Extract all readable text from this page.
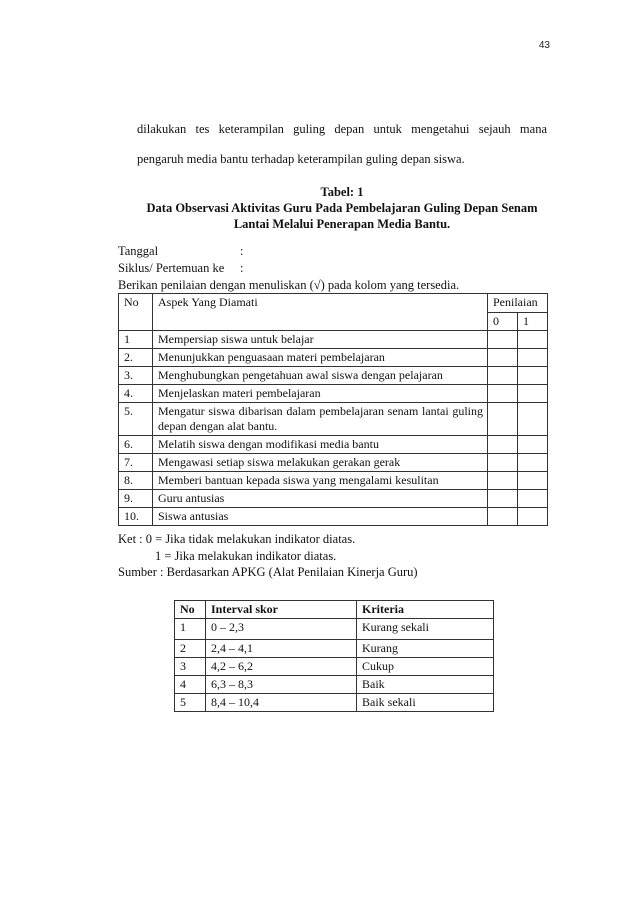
43
dilakukan tes keterampilan guling depan untuk mengetahui sejauh mana
pengaruh media bantu terhadap keterampilan guling depan siswa.
Tabel: 1
Data Observasi Aktivitas Guru Pada Pembelajaran Guling Depan Senam
Lantai Melalui Penerapan Media Bantu.
Tanggal	:
Siklus/ Pertemuan ke :
Berikan penilaian dengan menuliskan (√) pada kolom yang tersedia.
No	Aspek Yang Diamati	Penilaian	
		0	1
1	Mempersiap siswa untuk belajar		
2.	Menunjukkan penguasaan materi pembelajaran		
3.	Menghubungkan pengetahuan awal siswa dengan pelajaran		
4.	Menjelaskan materi pembelajaran		
5.	Mengatur siswa dibarisan dalam pembelajaran senam lantai guling depan dengan alat bantu.		
6.	Melatih siswa dengan modifikasi media bantu		
7.	Mengawasi setiap siswa melakukan gerakan gerak		
8.	Memberi bantuan kepada siswa yang mengalami kesulitan		
9.	Guru antusias		
10.	Siswa antusias		
Ket : 0 = Jika tidak melakukan indikator diatas.
1 = Jika melakukan indikator diatas.
Sumber : Berdasarkan APKG (Alat Penilaian Kinerja Guru)
No	Interval skor	Kriteria
1	0 – 2,3	Kurang sekali
2	2,4 – 4,1	Kurang
3	4,2 – 6,2	Cukup
4	6,3 – 8,3	Baik
5	8,4 – 10,4	Baik sekali
